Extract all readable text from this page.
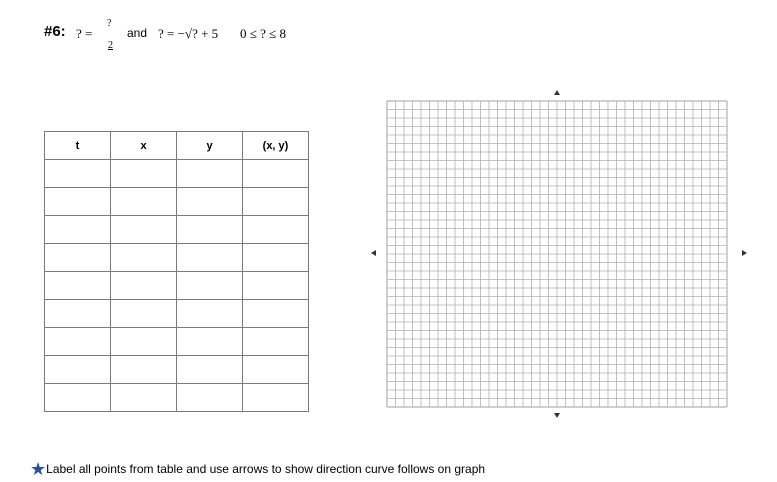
#6: ? =
?
2
and ? = −√? + 5 0 ≤ ? ≤ 8
t	x	y	(x, y)

★Label all points from table and use arrows to show direction curve follows on graph
